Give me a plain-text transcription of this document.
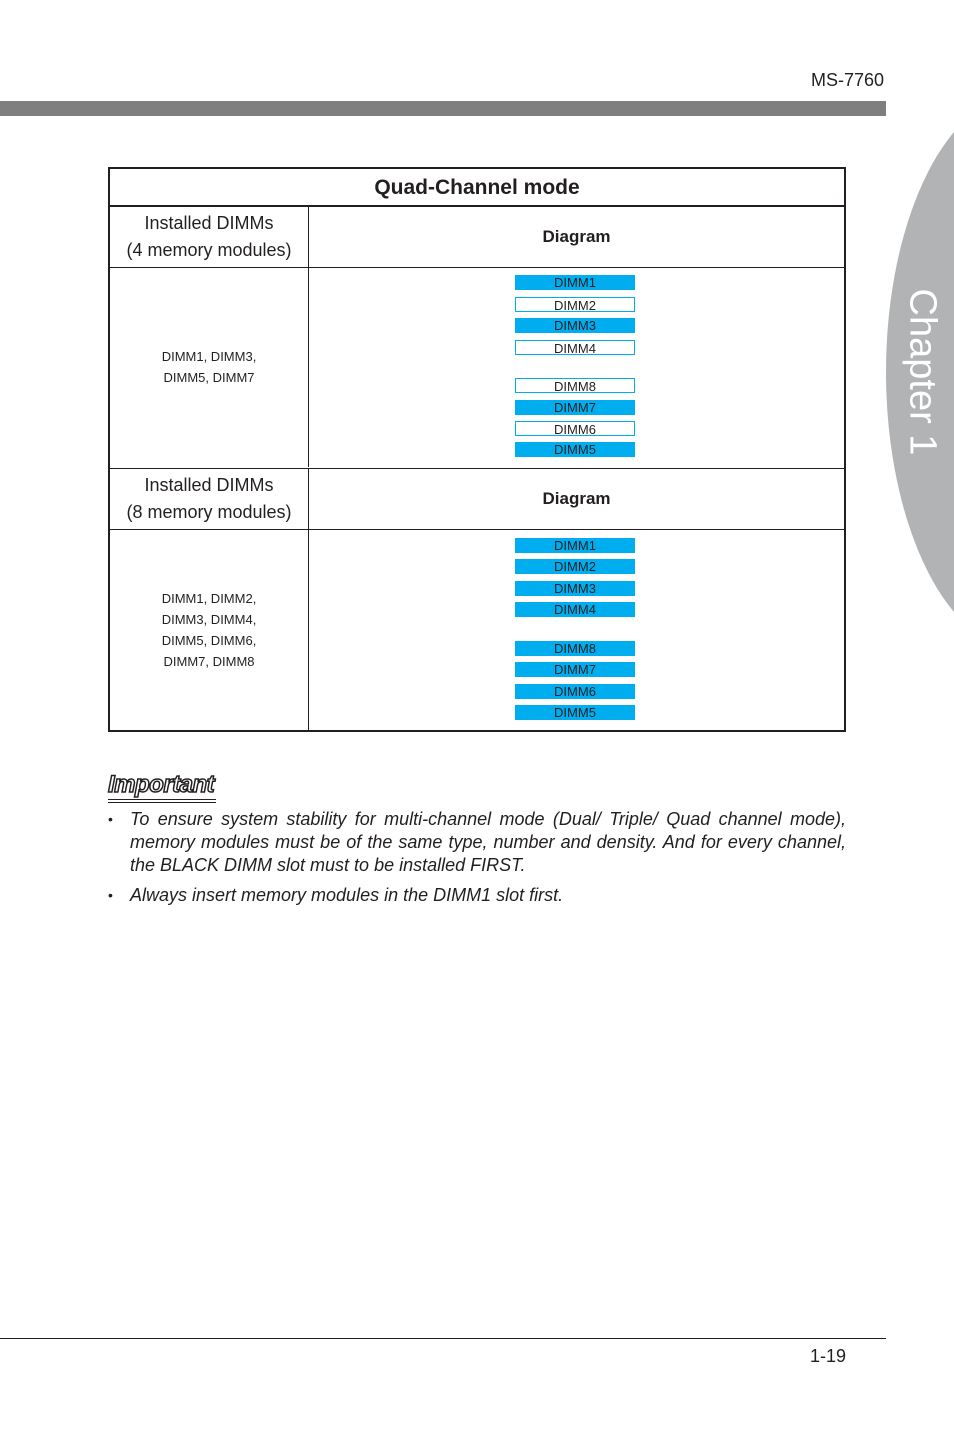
MS-7760
Chapter 1
Quad-Channel mode
Installed DIMMs
(4 memory modules)
Diagram
DIMM1, DIMM3,
DIMM5, DIMM7
DIMM1
DIMM2
DIMM3
DIMM4
DIMM8
DIMM7
DIMM6
DIMM5
Installed DIMMs
(8 memory modules)
Diagram
DIMM1, DIMM2,
DIMM3, DIMM4,
DIMM5, DIMM6,
DIMM7, DIMM8
DIMM1
DIMM2
DIMM3
DIMM4
DIMM8
DIMM7
DIMM6
DIMM5
Important
• To ensure system stability for multi-channel mode (Dual/ Triple/ Quad channel mode), memory modules must be of the same type, number and density. And for every channel, the BLACK DIMM slot must to be installed FIRST.
• Always insert memory modules in the DIMM1 slot first.
1-19
